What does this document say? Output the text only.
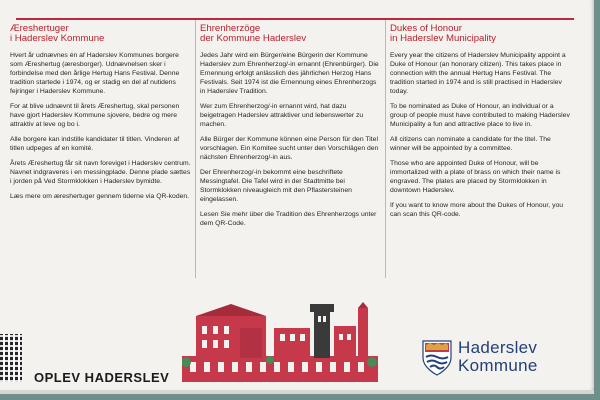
Æreshertuger
i Haderslev Kommune

Hvert år udnævnes én af Haderslev Kommunes borgere som Æreshertug (æresborger). Udnævnelsen sker i forbindelse med den årlige Hertug Hans Festival. Denne tradition startede i 1974, og er stadig en del af nutidens fejringer i Haderslev Kommune.

For at blive udnævnt til årets Æreshertug, skal personen have gjort Haderslev Kommune sjovere, bedre og mere attraktiv at leve og bo i.

Alle borgere kan indstille kandidater til titlen. Vinderen af titlen udpeges af en komité.

Årets Æreshertug får sit navn foreviget i Haderslev centrum. Navnet indgraveres i en messingplade. Denne plade sættes i jorden på Ved Stormklokken i Haderslev bymidte.

Læs mere om æreshertuger gennem tiderne via QR-koden.

Ehrenherzöge
der Kommune Haderslev

Jedes Jahr wird ein Bürger/eine Bürgerin der Kommune Haderslev zum Ehrenherzog/-in ernannt (Ehrenbürger). Die Ernennung erfolgt anlässlich des jährlichen Herzog Hans Festivals. Seit 1974 ist die Ernennung eines Ehrenherzogs in Haderslev Tradition.

Wer zum Ehrenherzog/-in ernannt wird, hat dazu beigetragen Haderslev attraktiver und lebenswerter zu machen.

Alle Bürger der Kommune können eine Person für den Titel vorschlagen. Ein Komitee sucht unter den Vorschlägen den nächsten Ehrenherzog/-in aus.

Der Ehrenherzog/-in bekommt eine beschriftete Messingtafel. Die Tafel wird in der Stadtmitte bei Stormklokken niveaugleich mit den Pflastersteinen eingelassen.

Lesen Sie mehr über die Tradition des Ehrenherzogs unter dem QR-Code.

Dukes of Honour
in Haderslev Municipality

Every year the citizens of Haderslev Municipality appoint a Duke of Honour (an honorary citizen). This takes place in connection with the annual Hertug Hans Festival. The tradition started in 1974 and is still practised in Haderslev today.

To be nominated as Duke of Honour, an individual or a group of people must have contributed to making Haderslev Municipality a fun and attractive place to live in.

All citizens can nominate a candidate for the titel. The winner will be appointed by a committee.

Those who are appointed Duke of Honour, will be immortalized with a plate of brass on which their name is engraved. The plates are placed by Stormklokken in downtown Haderslev.

If you want to know more about the Dukes of Honour, you can scan this QR-code.

OPLEV HADERSLEV
Haderslev
Kommune
